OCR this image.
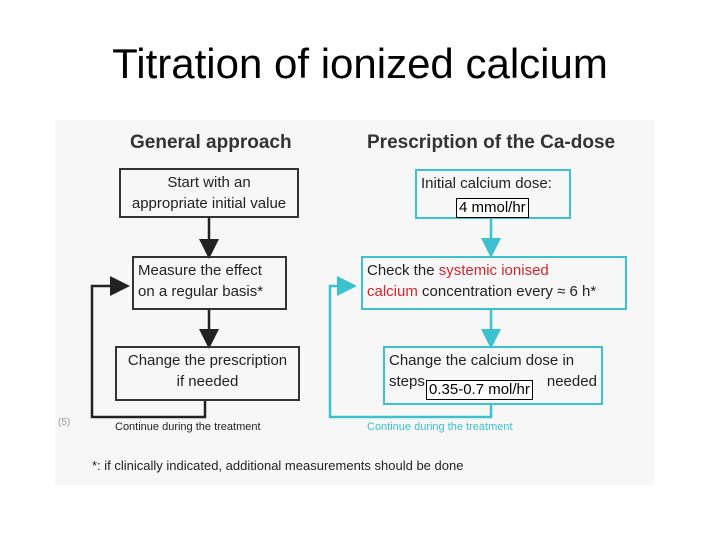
Titration of ionized calcium
General approach
Start with an
appropriate initial value
Measure the effect
on a regular basis*
Change the prescription
if needed
Continue during the treatment
Prescription of the Ca-dose
Initial calcium dose:
4 mmol/hr
Check the systemic ionised
calcium concentration every ≈ 6 h*
Change the calcium dose in
steps	needed
0.35-0.7 mol/hr
Continue during the treatment
(5)
*: if clinically indicated, additional measurements should be done
